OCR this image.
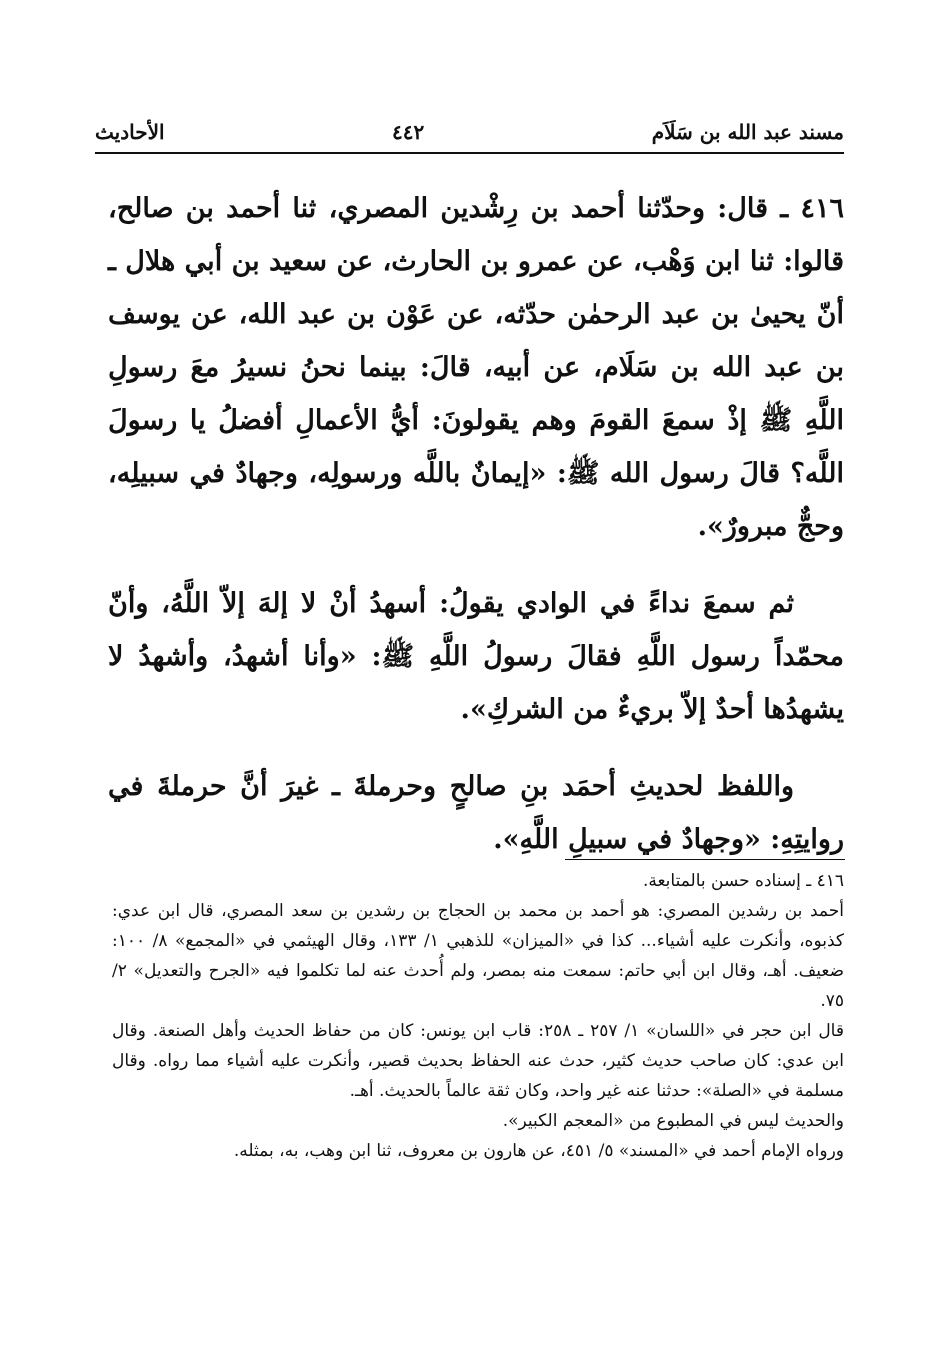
مسند عبد الله بن سَلَاَم
٤٤٢
الأحاديث

٤١٦ ـ قال: وحدّثنا أحمد بن رِشْدين المصري، ثنا أحمد بن صالح، قالوا: ثنا ابن وَهْب، عن عمرو بن الحارث، عن سعيد بن أبي هلال ـ أنّ يحيىٰ بن عبد الرحمٰن حدّثه، عن عَوْن بن عبد الله، عن يوسف بن عبد الله بن سَلَام، عن أبيه، قالَ: بينما نحنُ نسيرُ معَ رسولِ اللَّهِ ﷺ إذْ سمعَ القومَ وهم يقولونَ: أيُّ الأعمالِ أفضلُ يا رسولَ اللَّه؟ قالَ رسول الله ﷺ: «إيمانٌ باللَّه ورسولِه، وجهادٌ في سبيلِه، وحجٌّ مبرورٌ».

ثم سمعَ نداءً في الوادي يقولُ: أسهدُ أنْ لا إلهَ إلاّ اللَّهُ، وأنّ محمّداً رسول اللَّهِ فقالَ رسولُ اللَّهِ ﷺ: «وأنا أشهدُ، وأشهدُ لا يشهدُها أحدٌ إلاّ بريءٌ من الشركِ».

واللفظ لحديثِ أحمَد بنِ صالحٍ وحرملةَ ـ غيرَ أنَّ حرملةَ في روايتِهِ: «وجهادٌ في سبيلِ اللَّهِ».

٤١٦ ـ إسناده حسن بالمتابعة.

أحمد بن رشدين المصري: هو أحمد بن محمد بن الحجاج بن رشدين بن سعد المصري، قال ابن عدي: كذبوه، وأنكرت عليه أشياء... كذا في «الميزان» للذهبي ١/ ١٣٣، وقال الهيثمي في «المجمع» ٨/ ١٠٠: ضعيف. أهـ، وقال ابن أبي حاتم: سمعت منه بمصر، ولم أُحدث عنه لما تكلموا فيه «الجرح والتعديل» ٢/ ٧٥.

قال ابن حجر في «اللسان» ١/ ٢٥٧ ـ ٢٥٨: قاب ابن يونس: كان من حفاظ الحديث وأهل الصنعة. وقال ابن عدي: كان صاحب حديث كثير، حدث عنه الحفاظ بحديث قصير، وأنكرت عليه أشياء مما رواه. وقال مسلمة في «الصلة»: حدثنا عنه غير واحد، وكان ثقة عالماً بالحديث. أهـ.

والحديث ليس في المطبوع من «المعجم الكبير».

ورواه الإمام أحمد في «المسند» ٥/ ٤٥١، عن هارون بن معروف، ثنا ابن وهب، به، بمثله.
